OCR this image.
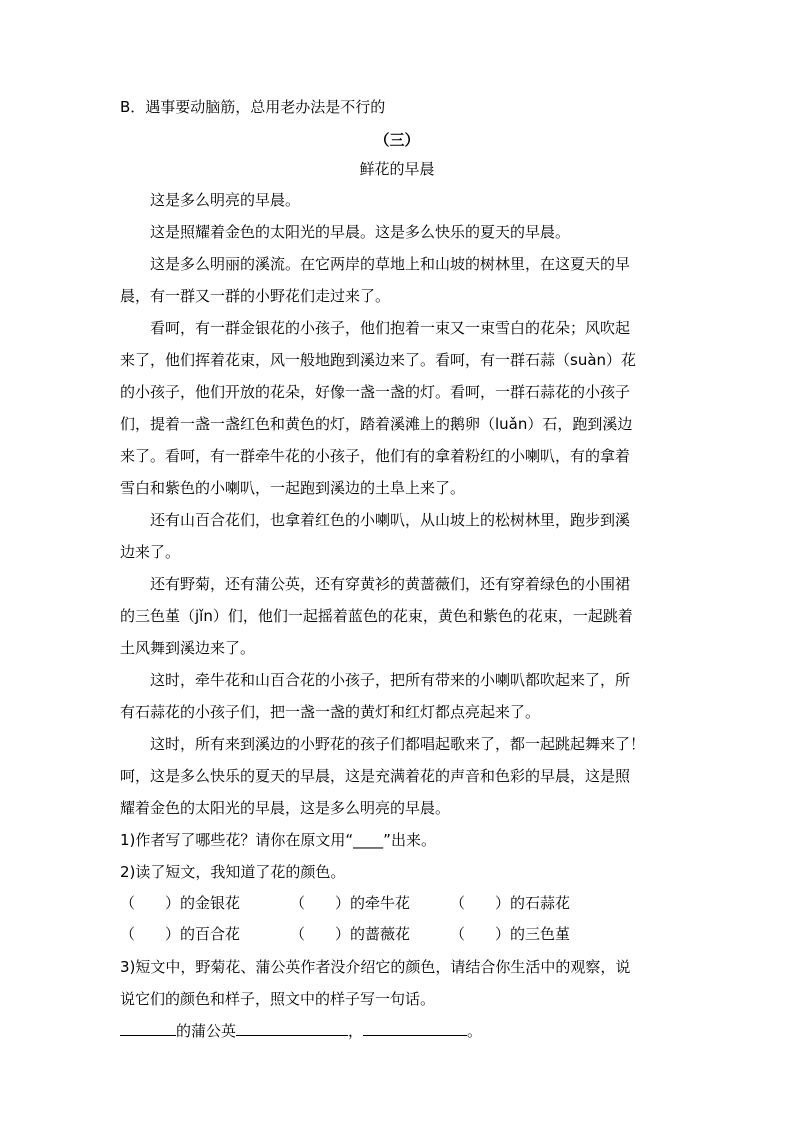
B．遇事要动脑筋，总用老办法是不行的
（三）
鲜花的早晨
这是多么明亮的早晨。
这是照耀着金色的太阳光的早晨。这是多么快乐的夏天的早晨。
这是多么明丽的溪流。在它两岸的草地上和山坡的树林里，在这夏天的早
晨，有一群又一群的小野花们走过来了。
看呵，有一群金银花的小孩子，他们抱着一束又一束雪白的花朵；风吹起
来了，他们挥着花束，风一般地跑到溪边来了。看呵，有一群石蒜（suàn）花
的小孩子，他们开放的花朵，好像一盏一盏的灯。看呵，一群石蒜花的小孩子
们，提着一盏一盏红色和黄色的灯，踏着溪滩上的鹅卵（luǎn）石，跑到溪边
来了。看呵，有一群牵牛花的小孩子，他们有的拿着粉红的小喇叭，有的拿着
雪白和紫色的小喇叭，一起跑到溪边的土阜上来了。
还有山百合花们，也拿着红色的小喇叭，从山坡上的松树林里，跑步到溪
边来了。
还有野菊，还有蒲公英，还有穿黄衫的黄蔷薇们，还有穿着绿色的小围裙
的三色堇（jǐn）们，他们一起摇着蓝色的花束，黄色和紫色的花束，一起跳着
土风舞到溪边来了。
这时，牵牛花和山百合花的小孩子，把所有带来的小喇叭都吹起来了，所
有石蒜花的小孩子们，把一盏一盏的黄灯和红灯都点亮起来了。
这时，所有来到溪边的小野花的孩子们都唱起歌来了，都一起跳起舞来了！
呵，这是多么快乐的夏天的早晨，这是充满着花的声音和色彩的早晨，这是照
耀着金色的太阳光的早晨，这是多么明亮的早晨。
1)作者写了哪些花？请你在原文用“____”出来。
2)读了短文，我知道了花的颜色。
（　　）的金银花	（　　）的牵牛花	（　　）的石蒜花
（　　）的百合花	（　　）的蔷薇花	（　　）的三色堇
3)短文中，野菊花、蒲公英作者没介绍它的颜色，请结合你生活中的观察，说
说它们的颜色和样子，照文中的样子写一句话。
的蒲公英	，	。
